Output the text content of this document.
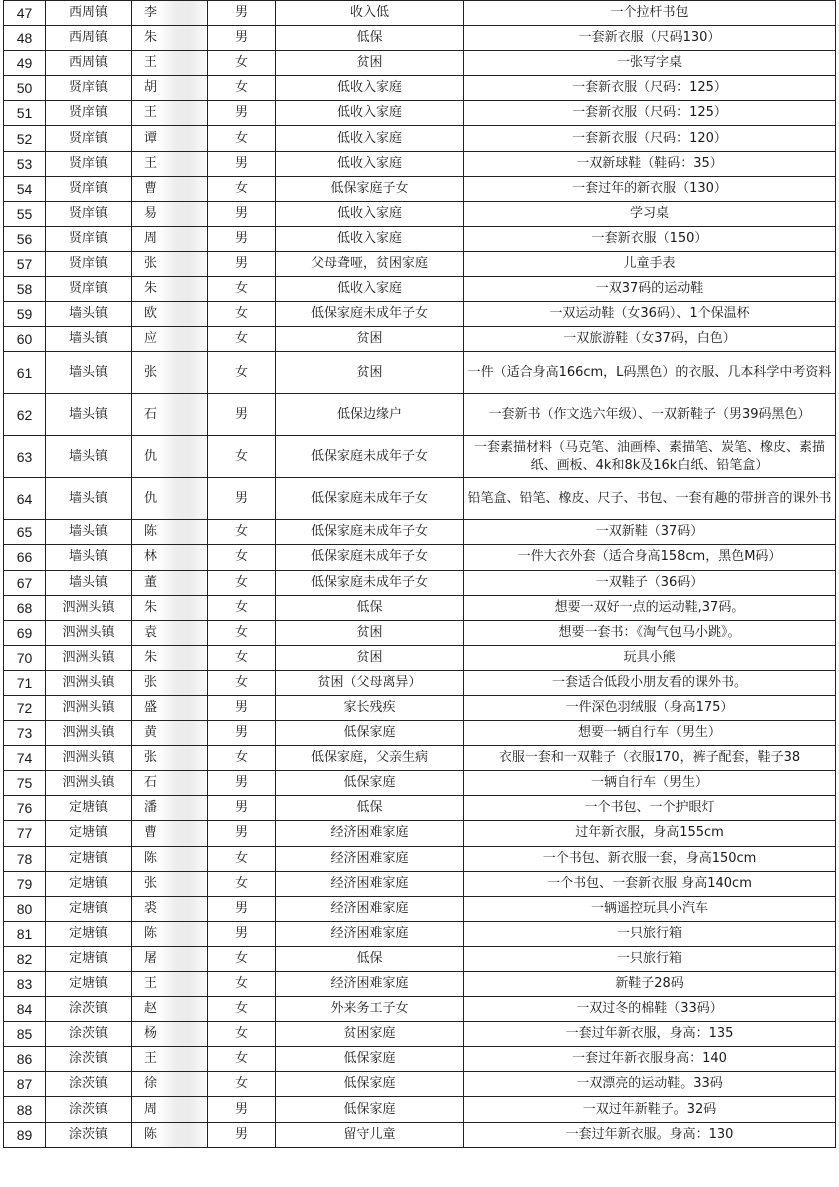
47	西周镇	李	男	收入低	一个拉杆书包
48	西周镇	朱	男	低保	一套新衣服（尺码130）
49	西周镇	王	女	贫困	一张写字桌
50	贤庠镇	胡	女	低收入家庭	一套新衣服（尺码：125）
51	贤庠镇	王	男	低收入家庭	一套新衣服（尺码：125）
52	贤庠镇	谭	女	低收入家庭	一套新衣服（尺码：120）
53	贤庠镇	王	男	低收入家庭	一双新球鞋（鞋码：35）
54	贤庠镇	曹	女	低保家庭子女	一套过年的新衣服（130）
55	贤庠镇	易	男	低收入家庭	学习桌
56	贤庠镇	周	男	低收入家庭	一套新衣服（150）
57	贤庠镇	张	男	父母聋哑，贫困家庭	儿童手表
58	贤庠镇	朱	女	低收入家庭	一双37码的运动鞋
59	墙头镇	欧	女	低保家庭未成年子女	一双运动鞋（女36码）、1个保温杯
60	墙头镇	应	女	贫困	一双旅游鞋（女37码，白色）
61	墙头镇	张	女	贫困	一件（适合身高166cm，L码黑色）的衣服、几本科学中考资料
62	墙头镇	石	男	低保边缘户	一套新书（作文选六年级）、一双新鞋子（男39码黑色）
63	墙头镇	仇	女	低保家庭未成年子女	一套素描材料（马克笔、油画棒、素描笔、炭笔、橡皮、素描纸、画板、4k和8k及16k白纸、铅笔盒）
64	墙头镇	仇	男	低保家庭未成年子女	铅笔盒、铅笔、橡皮、尺子、书包、一套有趣的带拼音的课外书
65	墙头镇	陈	女	低保家庭未成年子女	一双新鞋（37码）
66	墙头镇	林	女	低保家庭未成年子女	一件大衣外套（适合身高158cm，黑色M码）
67	墙头镇	董	女	低保家庭未成年子女	一双鞋子（36码）
68	泗洲头镇	朱	女	低保	想要一双好一点的运动鞋,37码。
69	泗洲头镇	袁	女	贫困	想要一套书：《淘气包马小跳》。
70	泗洲头镇	朱	女	贫困	玩具小熊
71	泗洲头镇	张	女	贫困（父母离异）	一套适合低段小朋友看的课外书。
72	泗洲头镇	盛	男	家长残疾	一件深色羽绒服（身高175）
73	泗洲头镇	黄	男	低保家庭	想要一辆自行车（男生）
74	泗洲头镇	张	女	低保家庭，父亲生病	衣服一套和一双鞋子（衣服170，裤子配套，鞋子38
75	泗洲头镇	石	男	低保家庭	一辆自行车（男生）
76	定塘镇	潘	男	低保	一个书包、一个护眼灯
77	定塘镇	曹	男	经济困难家庭	过年新衣服，身高155cm
78	定塘镇	陈	女	经济困难家庭	一个书包、新衣服一套，身高150cm
79	定塘镇	张	女	经济困难家庭	一个书包、一套新衣服 身高140cm
80	定塘镇	裘	男	经济困难家庭	一辆遥控玩具小汽车
81	定塘镇	陈	男	经济困难家庭	一只旅行箱
82	定塘镇	屠	女	低保	一只旅行箱
83	定塘镇	王	女	经济困难家庭	新鞋子28码
84	涂茨镇	赵	女	外来务工子女	一双过冬的棉鞋（33码）
85	涂茨镇	杨	女	贫困家庭	一套过年新衣服，身高：135
86	涂茨镇	王	女	低保家庭	一套过年新衣服身高：140
87	涂茨镇	徐	女	低保家庭	一双漂亮的运动鞋。33码
88	涂茨镇	周	男	低保家庭	一双过年新鞋子。32码
89	涂茨镇	陈	男	留守儿童	一套过年新衣服。身高：130
